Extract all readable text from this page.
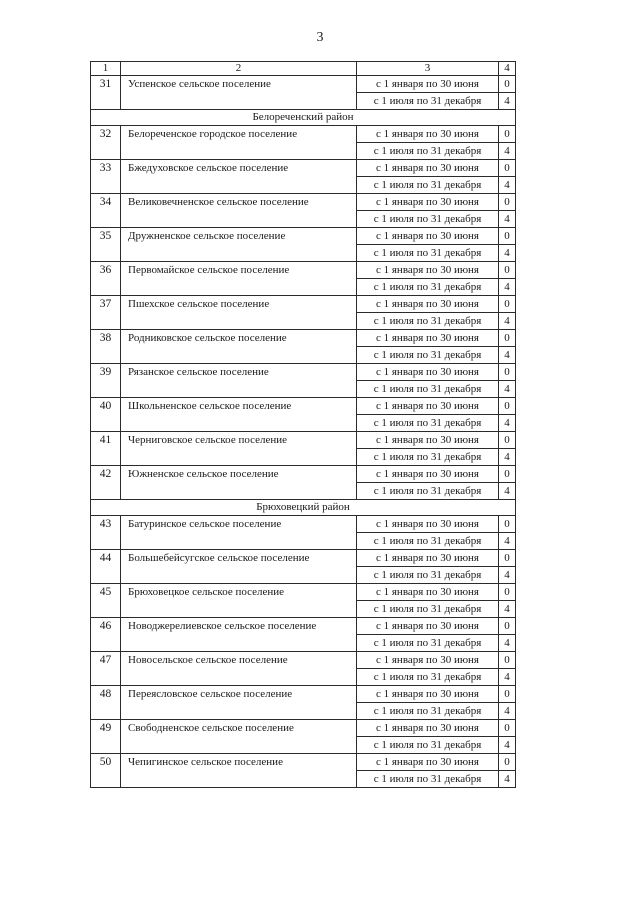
3
1	2	3	4
31	Успенское сельское поселение	с 1 января по 30 июня	0
		с 1 июля по 31 декабря	4
Белореченский район			
32	Белореченское городское поселение	с 1 января по 30 июня	0
		с 1 июля по 31 декабря	4
33	Бжедуховское сельское поселение	с 1 января по 30 июня	0
		с 1 июля по 31 декабря	4
34	Великовечненское сельское поселение	с 1 января по 30 июня	0
		с 1 июля по 31 декабря	4
35	Дружненское сельское поселение	с 1 января по 30 июня	0
		с 1 июля по 31 декабря	4
36	Первомайское сельское поселение	с 1 января по 30 июня	0
		с 1 июля по 31 декабря	4
37	Пшехское сельское поселение	с 1 января по 30 июня	0
		с 1 июля по 31 декабря	4
38	Родниковское сельское поселение	с 1 января по 30 июня	0
		с 1 июля по 31 декабря	4
39	Рязанское сельское поселение	с 1 января по 30 июня	0
		с 1 июля по 31 декабря	4
40	Школьненское сельское поселение	с 1 января по 30 июня	0
		с 1 июля по 31 декабря	4
41	Черниговское сельское поселение	с 1 января по 30 июня	0
		с 1 июля по 31 декабря	4
42	Южненское сельское поселение	с 1 января по 30 июня	0
		с 1 июля по 31 декабря	4
Брюховецкий район			
43	Батуринское сельское поселение	с 1 января по 30 июня	0
		с 1 июля по 31 декабря	4
44	Большебейсугское сельское поселение	с 1 января по 30 июня	0
		с 1 июля по 31 декабря	4
45	Брюховецкое сельское поселение	с 1 января по 30 июня	0
		с 1 июля по 31 декабря	4
46	Новоджерелиевское сельское поселение	с 1 января по 30 июня	0
		с 1 июля по 31 декабря	4
47	Новосельское сельское поселение	с 1 января по 30 июня	0
		с 1 июля по 31 декабря	4
48	Переясловское сельское поселение	с 1 января по 30 июня	0
		с 1 июля по 31 декабря	4
49	Свободненское сельское поселение	с 1 января по 30 июня	0
		с 1 июля по 31 декабря	4
50	Чепигинское сельское поселение	с 1 января по 30 июня	0
		с 1 июля по 31 декабря	4
